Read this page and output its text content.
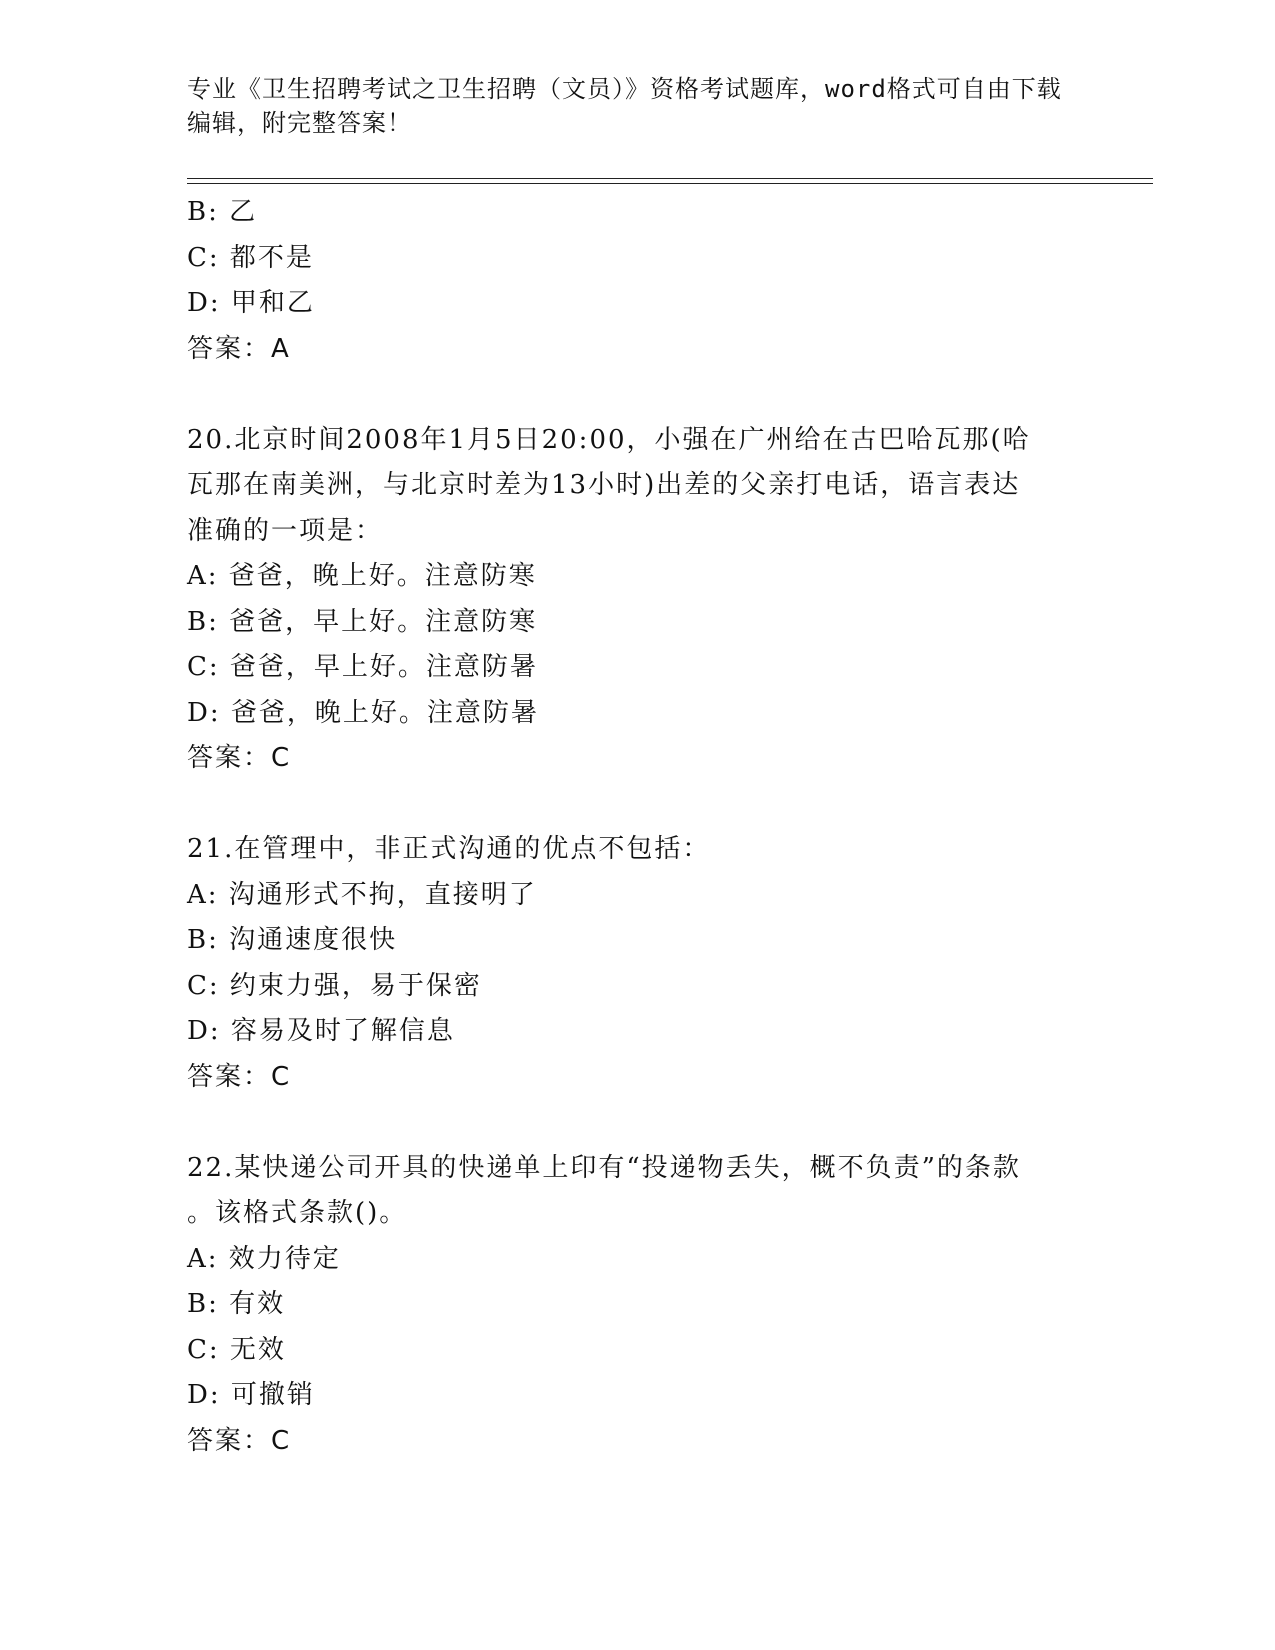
专业《卫生招聘考试之卫生招聘（文员）》资格考试题库，word格式可自由下载
编辑，附完整答案！
B: 乙
C: 都不是
D: 甲和乙
答案：A
20.北京时间2008年1月5日20:00，小强在广州给在古巴哈瓦那(哈
瓦那在南美洲，与北京时差为13小时)出差的父亲打电话，语言表达
准确的一项是：
A: 爸爸，晚上好。注意防寒
B: 爸爸，早上好。注意防寒
C: 爸爸，早上好。注意防暑
D: 爸爸，晚上好。注意防暑
答案：C
21.在管理中，非正式沟通的优点不包括：
A: 沟通形式不拘，直接明了
B: 沟通速度很快
C: 约束力强，易于保密
D: 容易及时了解信息
答案：C
22.某快递公司开具的快递单上印有“投递物丢失，概不负责”的条款
。该格式条款()。
A: 效力待定
B: 有效
C: 无效
D: 可撤销
答案：C
